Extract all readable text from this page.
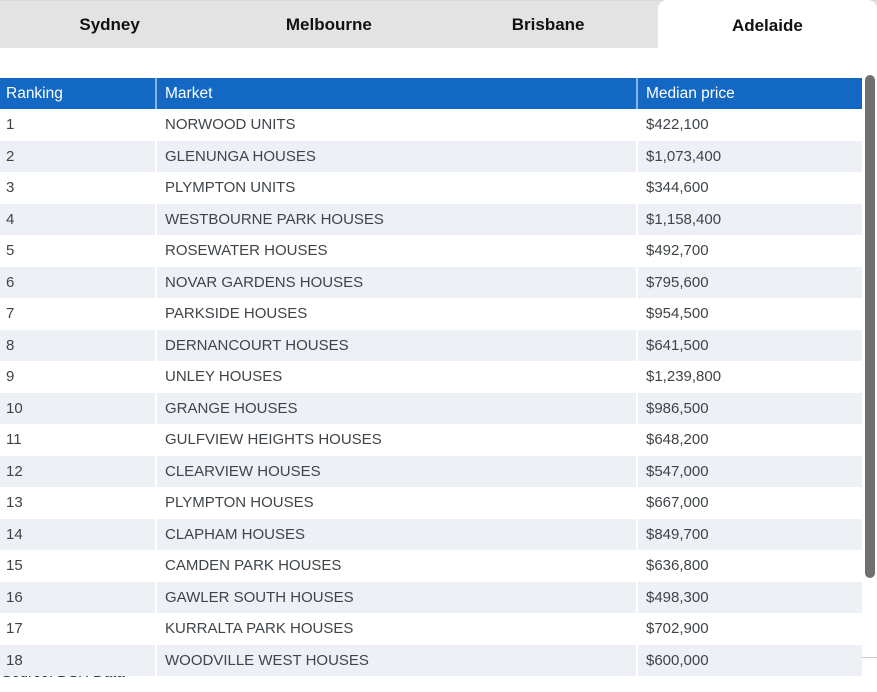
Sydney	Melbourne	Brisbane	Adelaide
Ranking	Market	Median price
1	NORWOOD UNITS	$422,100
2	GLENUNGA HOUSES	$1,073,400
3	PLYMPTON UNITS	$344,600
4	WESTBOURNE PARK HOUSES	$1,158,400
5	ROSEWATER HOUSES	$492,700
6	NOVAR GARDENS HOUSES	$795,600
7	PARKSIDE HOUSES	$954,500
8	DERNANCOURT HOUSES	$641,500
9	UNLEY HOUSES	$1,239,800
10	GRANGE HOUSES	$986,500
11	GULFVIEW HEIGHTS HOUSES	$648,200
12	CLEARVIEW HOUSES	$547,000
13	PLYMPTON HOUSES	$667,000
14	CLAPHAM HOUSES	$849,700
15	CAMDEN PARK HOUSES	$636,800
16	GAWLER SOUTH HOUSES	$498,300
17	KURRALTA PARK HOUSES	$702,900
18	WOODVILLE WEST HOUSES	$600,000
